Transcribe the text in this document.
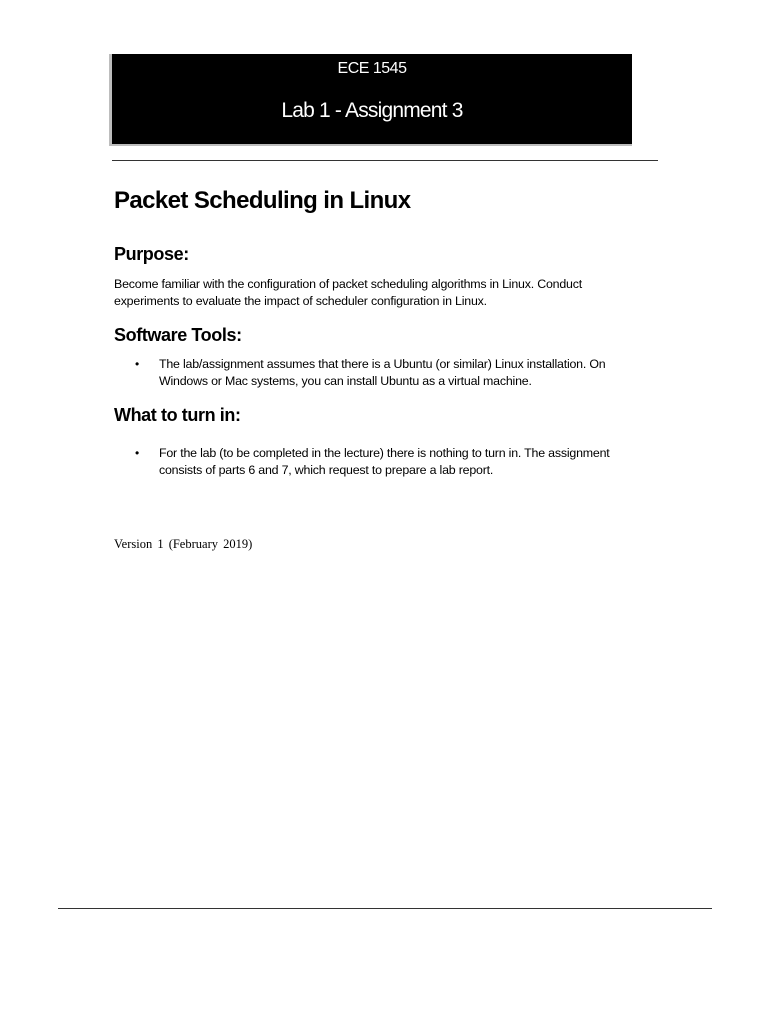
ECE 1545
Lab 1 - Assignment 3
Packet Scheduling in Linux
Purpose:

Become familiar with the configuration of packet scheduling algorithms in Linux. Conduct
experiments to evaluate the impact of scheduler configuration in Linux.

Software Tools:
• The lab/assignment assumes that there is a Ubuntu (or similar) Linux installation. On
Windows or Mac systems, you can install Ubuntu as a virtual machine.

What to turn in:
• For the lab (to be completed in the lecture) there is nothing to turn in. The assignment
consists of parts 6 and 7, which request to prepare a lab report.

Version 1 (February 2019)
